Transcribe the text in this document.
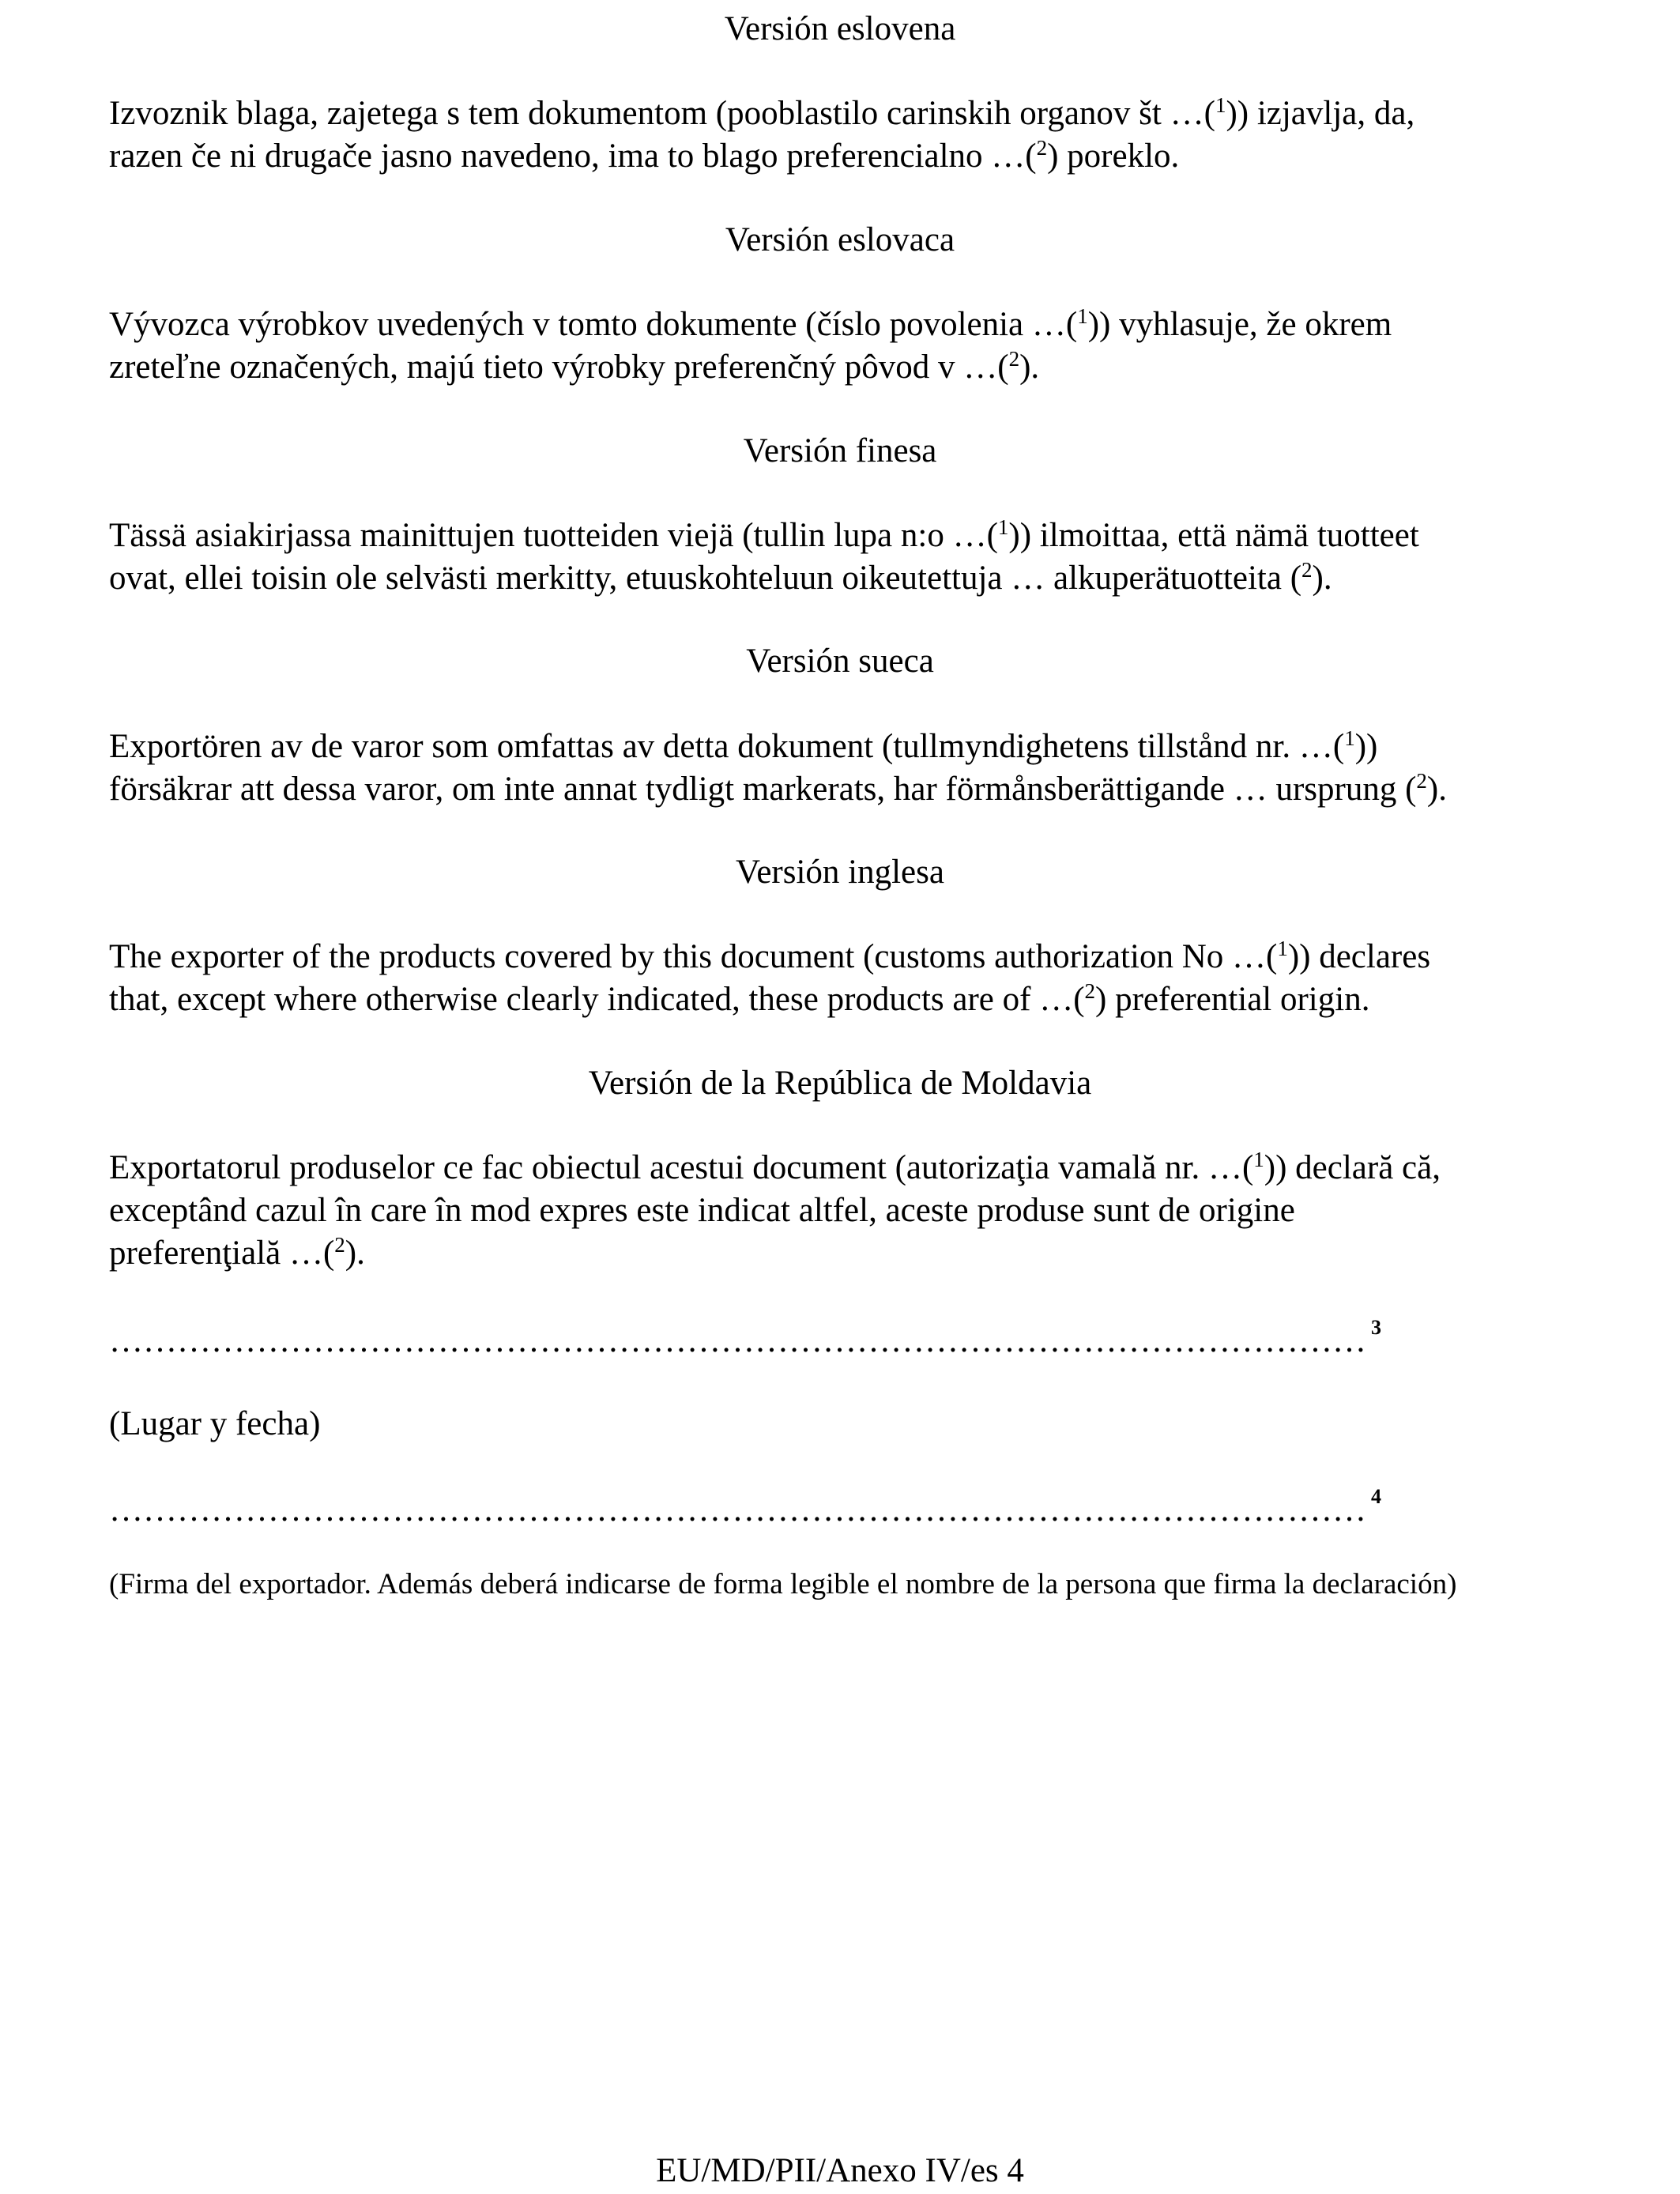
Versión eslovena
Izvoznik blaga, zajetega s tem dokumentom (pooblastilo carinskih organov št …($^1$)) izjavlja, da,
razen če ni drugače jasno navedeno, ima to blago preferencialno …($^2$) poreklo.
Versión eslovaca
Vývozca výrobkov uvedených v tomto dokumente (číslo povolenia …($^1$)) vyhlasuje, že okrem
zreteľne označených, majú tieto výrobky preferenčný pôvod v …($^2$).
Versión finesa
Tässä asiakirjassa mainittujen tuotteiden viejä (tullin lupa n:o …($^1$)) ilmoittaa, että nämä tuotteet
ovat, ellei toisin ole selvästi merkitty, etuuskohteluun oikeutettuja … alkuperätuotteita ($^2$).
Versión sueca
Exportören av de varor som omfattas av detta dokument (tullmyndighetens tillstånd nr. …($^1$))
försäkrar att dessa varor, om inte annat tydligt markerats, har förmånsberättigande … ursprung ($^2$).
Versión inglesa
The exporter of the products covered by this document (customs authorization No …($^1$)) declares
that, except where otherwise clearly indicated, these products are of …($^2$) preferential origin.
Versión de la República de Moldavia
Exportatorul produselor ce fac obiectul acestui document (autorizaţia vamală nr. …($^1$)) declară că,
exceptând cazul în care în mod expres este indicat altfel, aceste produse sunt de origine
preferenţială …($^2$).
………………………………………………………………………………………………… $^3$
(Lugar y fecha)
………………………………………………………………………………………………… $^4$
(Firma del exportador. Además deberá indicarse de forma legible el nombre de la persona que firma la declaración)
EU/MD/PII/Anexo IV/es 4
